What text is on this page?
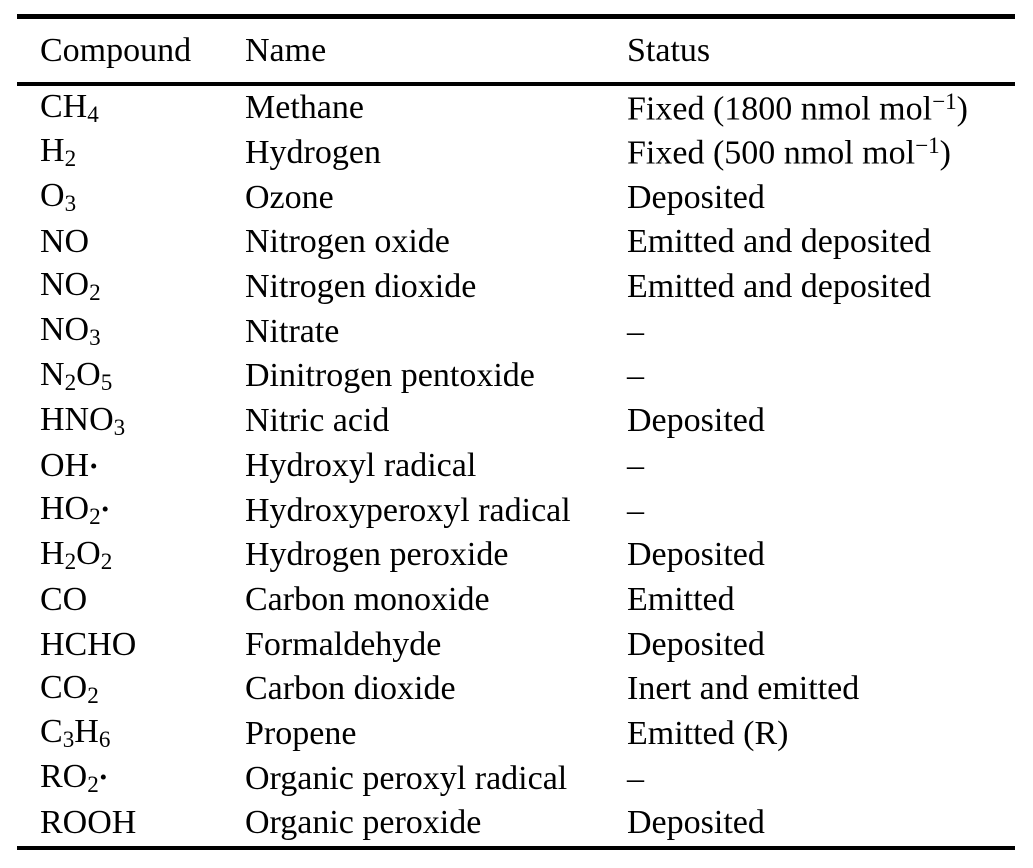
Compound	Name	Status
$CH_4$	Methane	Fixed (1800 nmol mol$^{-1}$)
$H_2$	Hydrogen	Fixed (500 nmol mol$^{-1}$)
$O_3$	Ozone	Deposited
NO	Nitrogen oxide	Emitted and deposited
$NO_2$	Nitrogen dioxide	Emitted and deposited
$NO_3$	Nitrate	–
$N_2O_5$	Dinitrogen pentoxide	–
$HNO_3$	Nitric acid	Deposited
OH•	Hydroxyl radical	–
$HO_2•$	Hydroxyperoxyl radical	–
$H_2O_2$	Hydrogen peroxide	Deposited
CO	Carbon monoxide	Emitted
HCHO	Formaldehyde	Deposited
$CO_2$	Carbon dioxide	Inert and emitted
$C_3H_6$	Propene	Emitted (R)
$RO_2•$	Organic peroxyl radical	–
ROOH	Organic peroxide	Deposited
